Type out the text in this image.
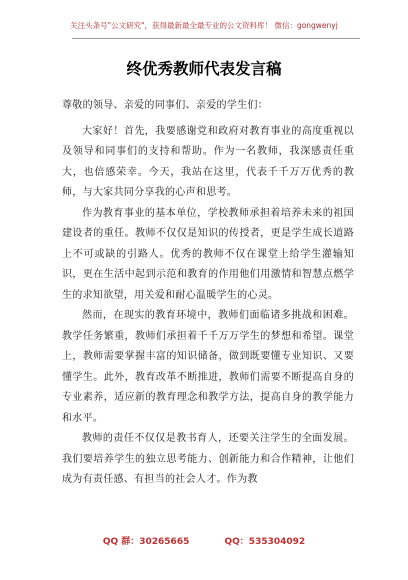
关注头条号"公文研究"，获得最新最全最专业的公文资料库！ 微信：gongwenyj
终优秀教师代表发言稿

尊敬的领导、亲爱的同事们、亲爱的学生们：

大家好！首先，我要感谢党和政府对教育事业的高度重视以及领导和同事们的支持和帮助。作为一名教师，我深感责任重大，也倍感荣幸。今天，我站在这里，代表千千万万优秀的教师，与大家共同分享我的心声和思考。

作为教育事业的基本单位，学校教师承担着培养未来的祖国建设者的重任。教师不仅仅是知识的传授者，更是学生成长道路上不可或缺的引路人。优秀的教师不仅在课堂上给学生灌输知识，更在生活中起到示范和教育的作用他们用激情和智慧点燃学生的求知欲望，用关爱和耐心温暖学生的心灵。

然而，在现实的教育环境中，教师们面临诸多挑战和困难。教学任务繁重，教师们承担着千千万万学生的梦想和希望。课堂上，教师需要掌握丰富的知识储备，做到既要懂专业知识、又要懂学生。此外，教育改革不断推进，教师们需要不断提高自身的专业素养，适应新的教育理念和教学方法，提高自身的教学能力和水平。

教师的责任不仅仅是教书育人，还要关注学生的全面发展。我们要培养学生的独立思考能力、创新能力和合作精神，让他们成为有责任感、有担当的社会人才。作为教

QQ 群：30265665	QQ：535304092
